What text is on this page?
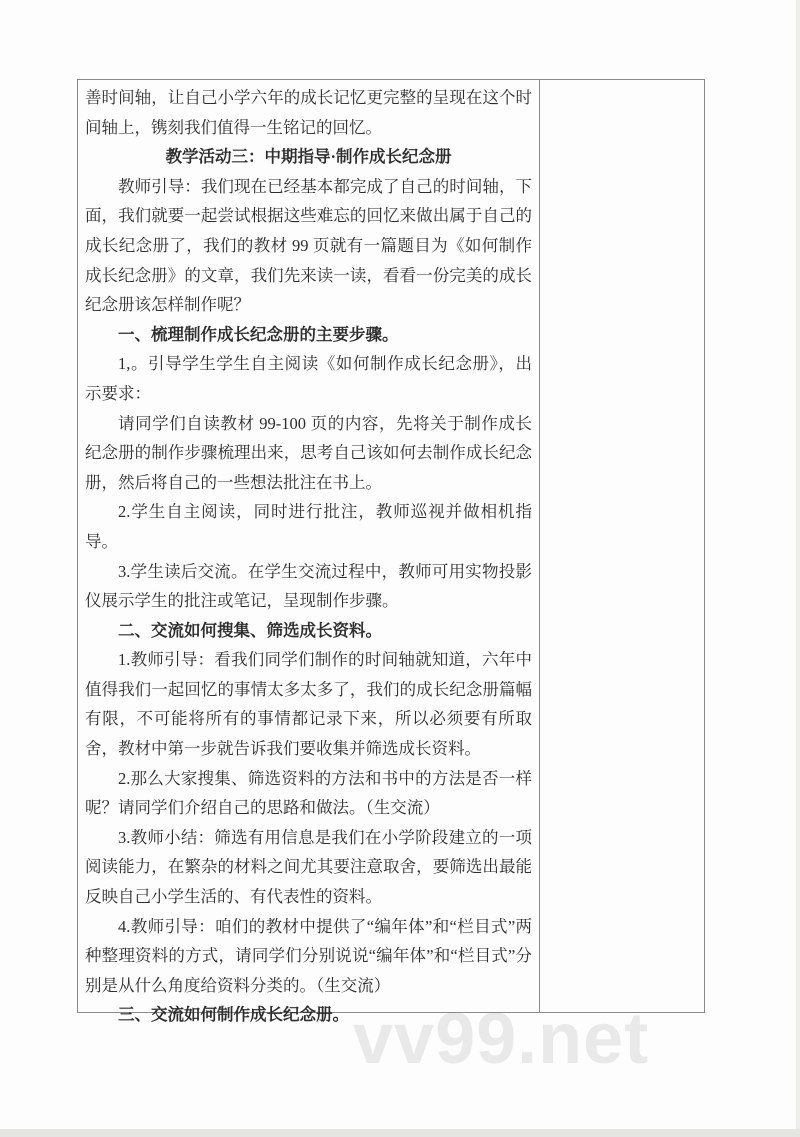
善时间轴，让自己小学六年的成长记忆更完整的呈现在这个时间轴上，镌刻我们值得一生铭记的回忆。

教学活动三：中期指导·制作成长纪念册

教师引导：我们现在已经基本都完成了自己的时间轴，下面，我们就要一起尝试根据这些难忘的回忆来做出属于自己的成长纪念册了，我们的教材 99 页就有一篇题目为《如何制作成长纪念册》的文章，我们先来读一读，看看一份完美的成长纪念册该怎样制作呢？

一、梳理制作成长纪念册的主要步骤。

1,。引导学生学生自主阅读《如何制作成长纪念册》，出示要求：

请同学们自读教材 99-100 页的内容，先将关于制作成长纪念册的制作步骤梳理出来，思考自己该如何去制作成长纪念册，然后将自己的一些想法批注在书上。

2.学生自主阅读，同时进行批注，教师巡视并做相机指导。

3.学生读后交流。在学生交流过程中，教师可用实物投影仪展示学生的批注或笔记，呈现制作步骤。

二、交流如何搜集、筛选成长资料。

1.教师引导：看我们同学们制作的时间轴就知道，六年中值得我们一起回忆的事情太多太多了，我们的成长纪念册篇幅有限，不可能将所有的事情都记录下来，所以必须要有所取舍，教材中第一步就告诉我们要收集并筛选成长资料。

2.那么大家搜集、筛选资料的方法和书中的方法是否一样呢？请同学们介绍自己的思路和做法。（生交流）

3.教师小结：筛选有用信息是我们在小学阶段建立的一项阅读能力，在繁杂的材料之间尤其要注意取舍，要筛选出最能反映自己小学生活的、有代表性的资料。

4.教师引导：咱们的教材中提供了“编年体”和“栏目式”两种整理资料的方式，请同学们分别说说“编年体”和“栏目式”分别是从什么角度给资料分类的。（生交流）

三、交流如何制作成长纪念册。 vv99.net
